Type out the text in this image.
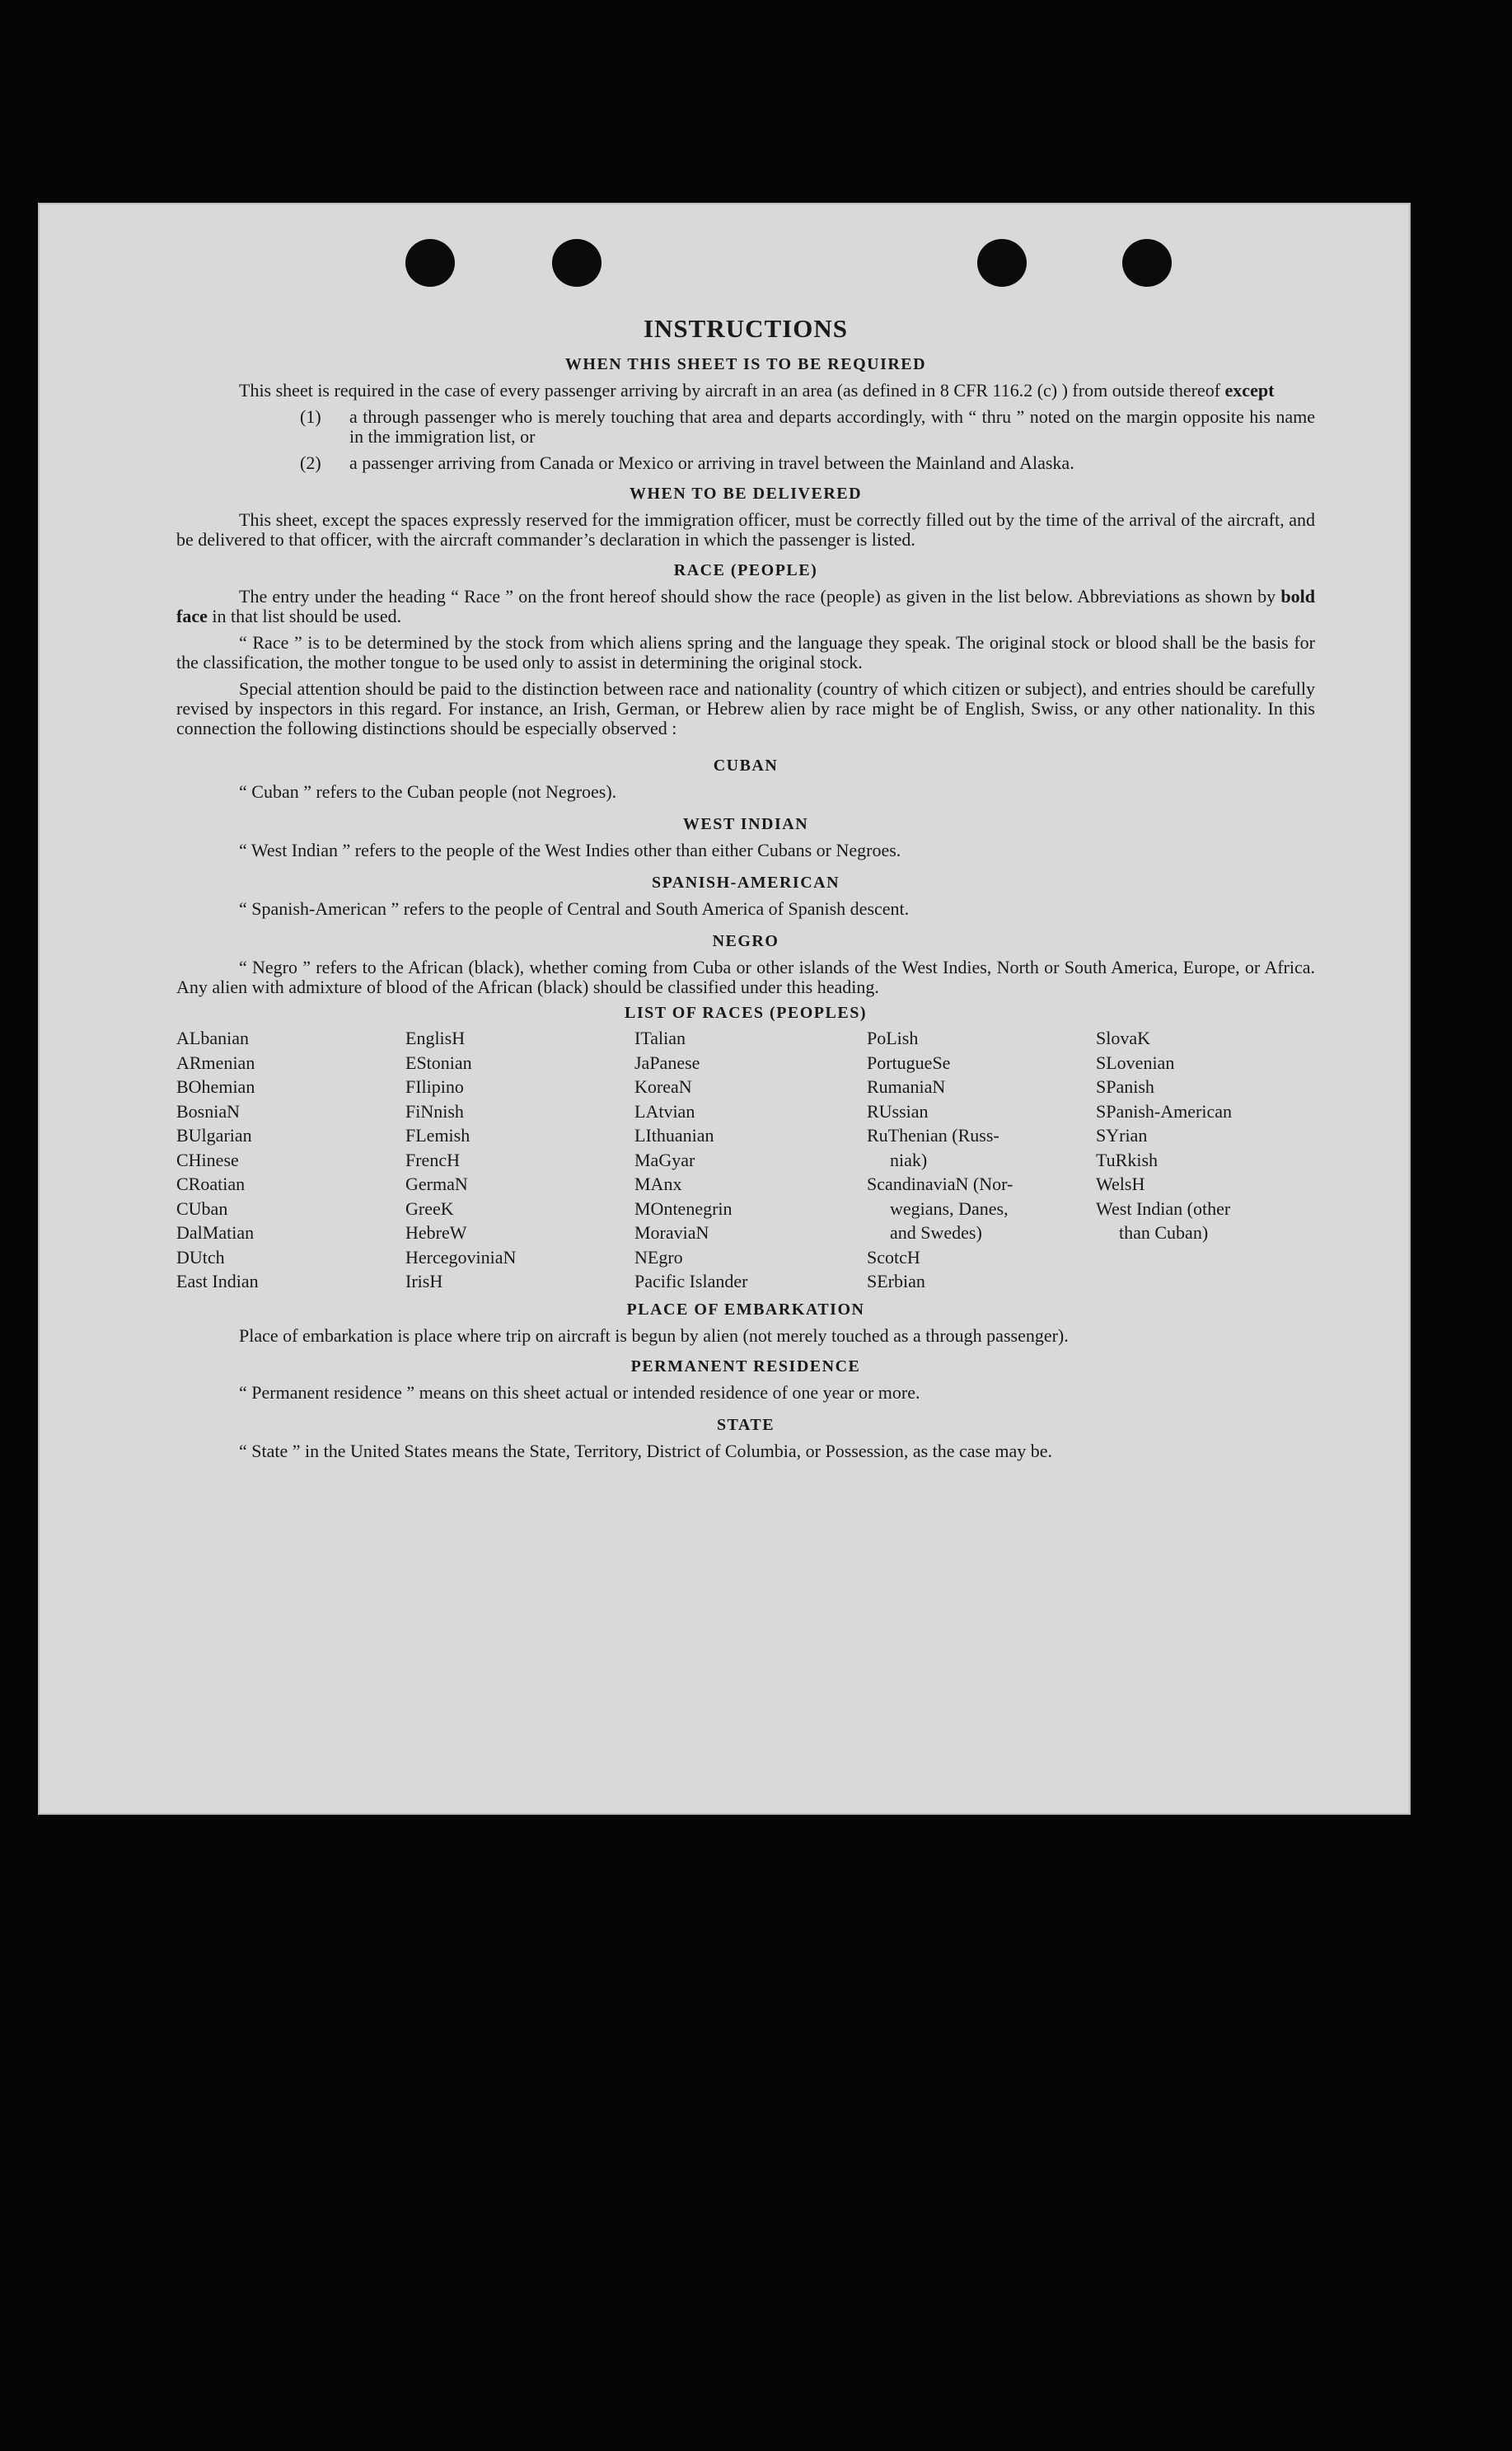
INSTRUCTIONS
WHEN THIS SHEET IS TO BE REQUIRED

This sheet is required in the case of every passenger arriving by aircraft in an area (as defined in 8 CFR 116.2 (c) ) from outside thereof except

(1)	a through passenger who is merely touching that area and departs accordingly, with “ thru ” noted on the margin opposite his name in the immigration list, or
(2)	a passenger arriving from Canada or Mexico or arriving in travel between the Mainland and Alaska.
WHEN TO BE DELIVERED

This sheet, except the spaces expressly reserved for the immigration officer, must be correctly filled out by the time of the arrival of the aircraft, and be delivered to that officer, with the aircraft commander’s declaration in which the passenger is listed.

RACE (PEOPLE)

The entry under the heading “ Race ” on the front hereof should show the race (people) as given in the list below. Abbreviations as shown by bold face in that list should be used.

“ Race ” is to be determined by the stock from which aliens spring and the language they speak. The original stock or blood shall be the basis for the classification, the mother tongue to be used only to assist in determining the original stock.

Special attention should be paid to the distinction between race and nationality (country of which citizen or subject), and entries should be carefully revised by inspectors in this regard. For instance, an Irish, German, or Hebrew alien by race might be of English, Swiss, or any other nationality. In this connection the following distinctions should be especially observed :

CUBAN
“ Cuban ” refers to the Cuban people (not Negroes).
WEST INDIAN
“ West Indian ” refers to the people of the West Indies other than either Cubans or Negroes.
SPANISH-AMERICAN
“ Spanish-American ” refers to the people of Central and South America of Spanish descent.
NEGRO

“ Negro ” refers to the African (black), whether coming from Cuba or other islands of the West Indies, North or South America, Europe, or Africa. Any alien with admixture of blood of the African (black) should be classified under this heading.

LIST OF RACES (PEOPLES)
ALbanian
ARmenian
BOhemian
BosniaN
BUlgarian
CHinese
CRoatian
CUban
DalMatian
DUtch
East Indian
EnglisH
EStonian
FIlipino
FiNnish
FLemish
FrencH
GermaN
GreeK
HebreW
HercegoviniaN
IrisH
ITalian
JaPanese
KoreaN
LAtvian
LIthuanian
MaGyar
MAnx
MOntenegrin
MoraviaN
NEgro
Pacific Islander
PoLish
PortugueSe
RumaniaN
RUssian
RuThenian (Russ-
niak)
ScandinaviaN (Nor-
wegians, Danes,
and Swedes)
ScotcH
SErbian
SlovaK
SLovenian
SPanish
SPanish-American
SYrian
TuRkish
WelsH
West Indian (other
than Cuban)
PLACE OF EMBARKATION

Place of embarkation is place where trip on aircraft is begun by alien (not merely touched as a through passenger).

PERMANENT RESIDENCE
“ Permanent residence ” means on this sheet actual or intended residence of one year or more.
STATE

“ State ” in the United States means the State, Territory, District of Columbia, or Possession, as the case may be.
